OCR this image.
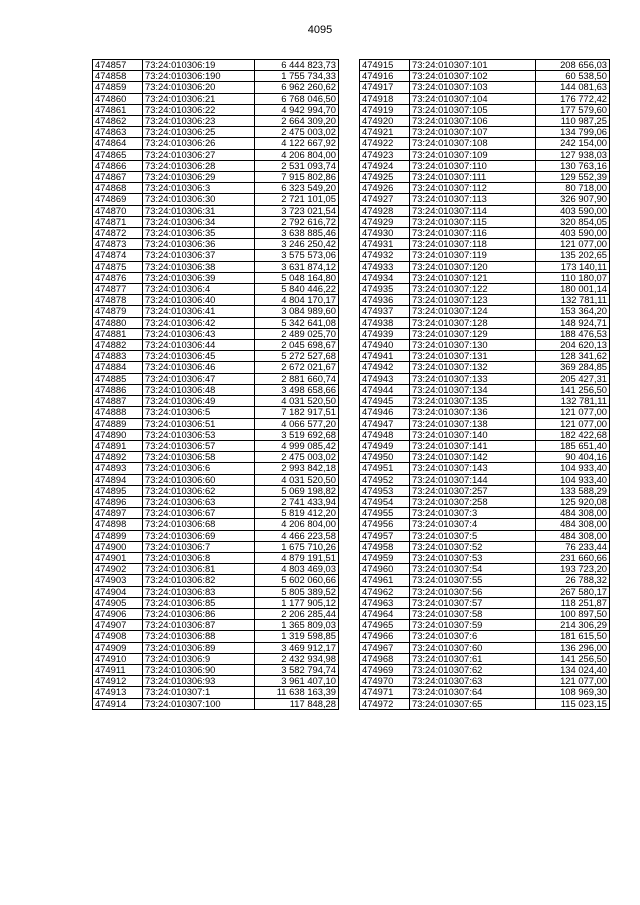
4095
474857	73:24:010306:19	6 444 823,73
474858	73:24:010306:190	1 755 734,33
474859	73:24:010306:20	6 962 260,62
474860	73:24:010306:21	6 768 046,50
474861	73:24:010306:22	4 942 994,70
474862	73:24:010306:23	2 664 309,20
474863	73:24:010306:25	2 475 003,02
474864	73:24:010306:26	4 122 667,92
474865	73:24:010306:27	4 206 804,00
474866	73:24:010306:28	2 531 093,74
474867	73:24:010306:29	7 915 802,86
474868	73:24:010306:3	6 323 549,20
474869	73:24:010306:30	2 721 101,05
474870	73:24:010306:31	3 723 021,54
474871	73:24:010306:34	2 792 616,72
474872	73:24:010306:35	3 638 885,46
474873	73:24:010306:36	3 246 250,42
474874	73:24:010306:37	3 575 573,06
474875	73:24:010306:38	3 631 874,12
474876	73:24:010306:39	5 048 164,80
474877	73:24:010306:4	5 840 446,22
474878	73:24:010306:40	4 804 170,17
474879	73:24:010306:41	3 084 989,60
474880	73:24:010306:42	5 342 641,08
474881	73:24:010306:43	2 489 025,70
474882	73:24:010306:44	2 045 698,67
474883	73:24:010306:45	5 272 527,68
474884	73:24:010306:46	2 672 021,67
474885	73:24:010306:47	2 881 660,74
474886	73:24:010306:48	3 498 658,66
474887	73:24:010306:49	4 031 520,50
474888	73:24:010306:5	7 182 917,51
474889	73:24:010306:51	4 066 577,20
474890	73:24:010306:53	3 519 692,68
474891	73:24:010306:57	4 999 085,42
474892	73:24:010306:58	2 475 003,02
474893	73:24:010306:6	2 993 842,18
474894	73:24:010306:60	4 031 520,50
474895	73:24:010306:62	5 069 198,82
474896	73:24:010306:63	2 741 433,94
474897	73:24:010306:67	5 819 412,20
474898	73:24:010306:68	4 206 804,00
474899	73:24:010306:69	4 466 223,58
474900	73:24:010306:7	1 675 710,26
474901	73:24:010306:8	4 879 191,51
474902	73:24:010306:81	4 803 469,03
474903	73:24:010306:82	5 602 060,66
474904	73:24:010306:83	5 805 389,52
474905	73:24:010306:85	1 177 905,12
474906	73:24:010306:86	2 206 285,44
474907	73:24:010306:87	1 365 809,03
474908	73:24:010306:88	1 319 598,85
474909	73:24:010306:89	3 469 912,17
474910	73:24:010306:9	2 432 934,98
474911	73:24:010306:90	3 582 794,74
474912	73:24:010306:93	3 961 407,10
474913	73:24:010307:1	11 638 163,39
474914	73:24:010307:100	117 848,28
474915	73:24:010307:101	208 656,03
474916	73:24:010307:102	60 538,50
474917	73:24:010307:103	144 081,63
474918	73:24:010307:104	176 772,42
474919	73:24:010307:105	177 579,60
474920	73:24:010307:106	110 987,25
474921	73:24:010307:107	134 799,06
474922	73:24:010307:108	242 154,00
474923	73:24:010307:109	127 938,03
474924	73:24:010307:110	130 763,16
474925	73:24:010307:111	129 552,39
474926	73:24:010307:112	80 718,00
474927	73:24:010307:113	326 907,90
474928	73:24:010307:114	403 590,00
474929	73:24:010307:115	320 854,05
474930	73:24:010307:116	403 590,00
474931	73:24:010307:118	121 077,00
474932	73:24:010307:119	135 202,65
474933	73:24:010307:120	173 140,11
474934	73:24:010307:121	110 180,07
474935	73:24:010307:122	180 001,14
474936	73:24:010307:123	132 781,11
474937	73:24:010307:124	153 364,20
474938	73:24:010307:128	148 924,71
474939	73:24:010307:129	188 476,53
474940	73:24:010307:130	204 620,13
474941	73:24:010307:131	128 341,62
474942	73:24:010307:132	369 284,85
474943	73:24:010307:133	205 427,31
474944	73:24:010307:134	141 256,50
474945	73:24:010307:135	132 781,11
474946	73:24:010307:136	121 077,00
474947	73:24:010307:138	121 077,00
474948	73:24:010307:140	182 422,68
474949	73:24:010307:141	185 651,40
474950	73:24:010307:142	90 404,16
474951	73:24:010307:143	104 933,40
474952	73:24:010307:144	104 933,40
474953	73:24:010307:257	133 588,29
474954	73:24:010307:258	125 920,08
474955	73:24:010307:3	484 308,00
474956	73:24:010307:4	484 308,00
474957	73:24:010307:5	484 308,00
474958	73:24:010307:52	76 233,44
474959	73:24:010307:53	231 660,66
474960	73:24:010307:54	193 723,20
474961	73:24:010307:55	26 788,32
474962	73:24:010307:56	267 580,17
474963	73:24:010307:57	118 251,87
474964	73:24:010307:58	100 897,50
474965	73:24:010307:59	214 306,29
474966	73:24:010307:6	181 615,50
474967	73:24:010307:60	136 296,00
474968	73:24:010307:61	141 256,50
474969	73:24:010307:62	134 024,40
474970	73:24:010307:63	121 077,00
474971	73:24:010307:64	108 969,30
474972	73:24:010307:65	115 023,15
